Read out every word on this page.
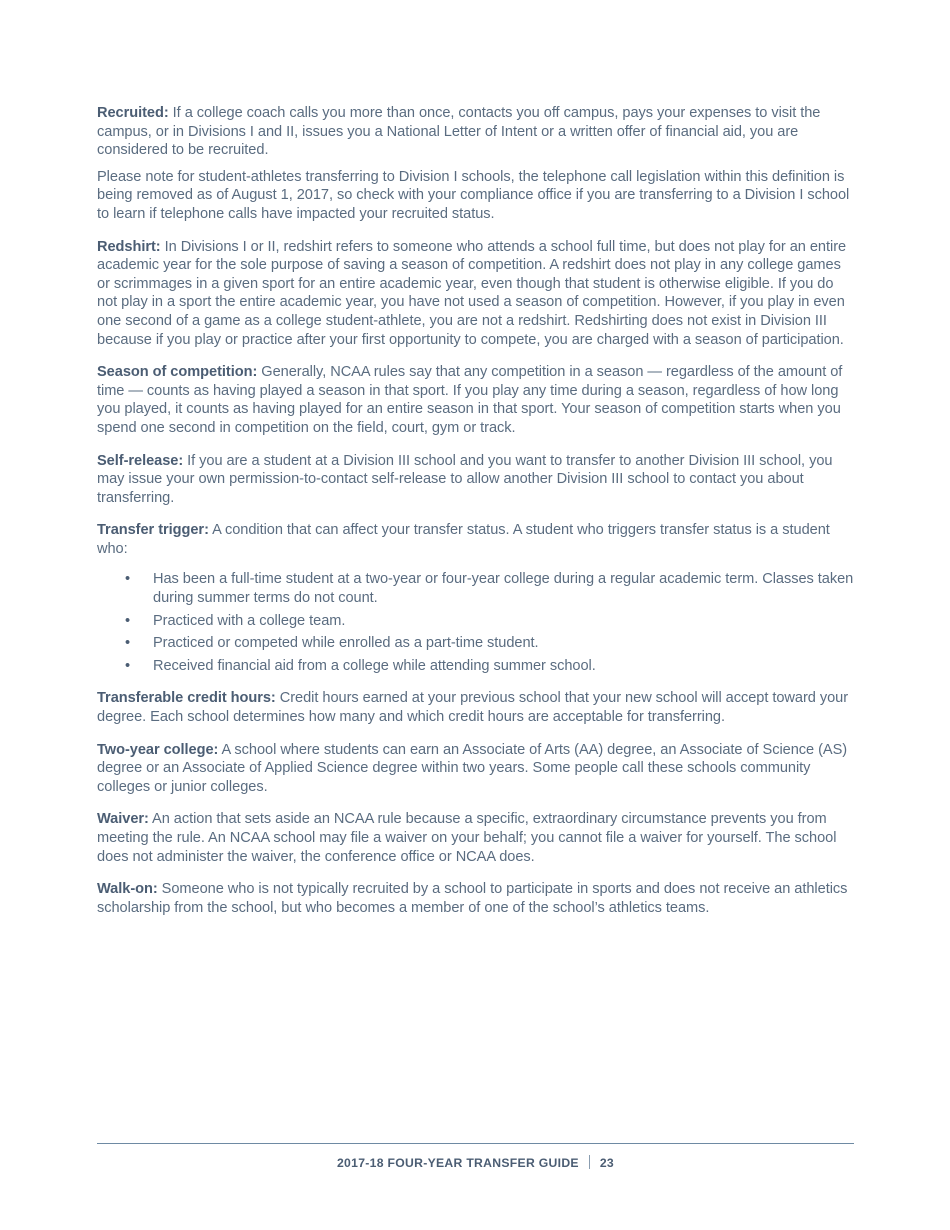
Recruited: If a college coach calls you more than once, contacts you off campus, pays your expenses to visit the campus, or in Divisions I and II, issues you a National Letter of Intent or a written offer of financial aid, you are considered to be recruited.

Please note for student-athletes transferring to Division I schools, the telephone call legislation within this definition is being removed as of August 1, 2017, so check with your compliance office if you are transferring to a Division I school to learn if telephone calls have impacted your recruited status.

Redshirt: In Divisions I or II, redshirt refers to someone who attends a school full time, but does not play for an entire academic year for the sole purpose of saving a season of competition. A redshirt does not play in any college games or scrimmages in a given sport for an entire academic year, even though that student is otherwise eligible. If you do not play in a sport the entire academic year, you have not used a season of competition. However, if you play in even one second of a game as a college student-athlete, you are not a redshirt. Redshirting does not exist in Division III because if you play or practice after your first opportunity to compete, you are charged with a season of participation.

Season of competition: Generally, NCAA rules say that any competition in a season — regardless of the amount of time — counts as having played a season in that sport. If you play any time during a season, regardless of how long you played, it counts as having played for an entire season in that sport. Your season of competition starts when you spend one second in competition on the field, court, gym or track.

Self-release: If you are a student at a Division III school and you want to transfer to another Division III school, you may issue your own permission-to-contact self-release to allow another Division III school to contact you about transferring.

Transfer trigger: A condition that can affect your transfer status. A student who triggers transfer status is a student who:

• Has been a full-time student at a two-year or four-year college during a regular academic term. Classes taken during summer terms do not count.
• Practiced with a college team.
• Practiced or competed while enrolled as a part-time student.
• Received financial aid from a college while attending summer school.

Transferable credit hours: Credit hours earned at your previous school that your new school will accept toward your degree. Each school determines how many and which credit hours are acceptable for transferring.

Two-year college: A school where students can earn an Associate of Arts (AA) degree, an Associate of Science (AS) degree or an Associate of Applied Science degree within two years. Some people call these schools community colleges or junior colleges.

Waiver: An action that sets aside an NCAA rule because a specific, extraordinary circumstance prevents you from meeting the rule. An NCAA school may file a waiver on your behalf; you cannot file a waiver for yourself. The school does not administer the waiver, the conference office or NCAA does.

Walk-on: Someone who is not typically recruited by a school to participate in sports and does not receive an athletics scholarship from the school, but who becomes a member of one of the school’s athletics teams.

2017-18 FOUR-YEAR TRANSFER GUIDE 23
